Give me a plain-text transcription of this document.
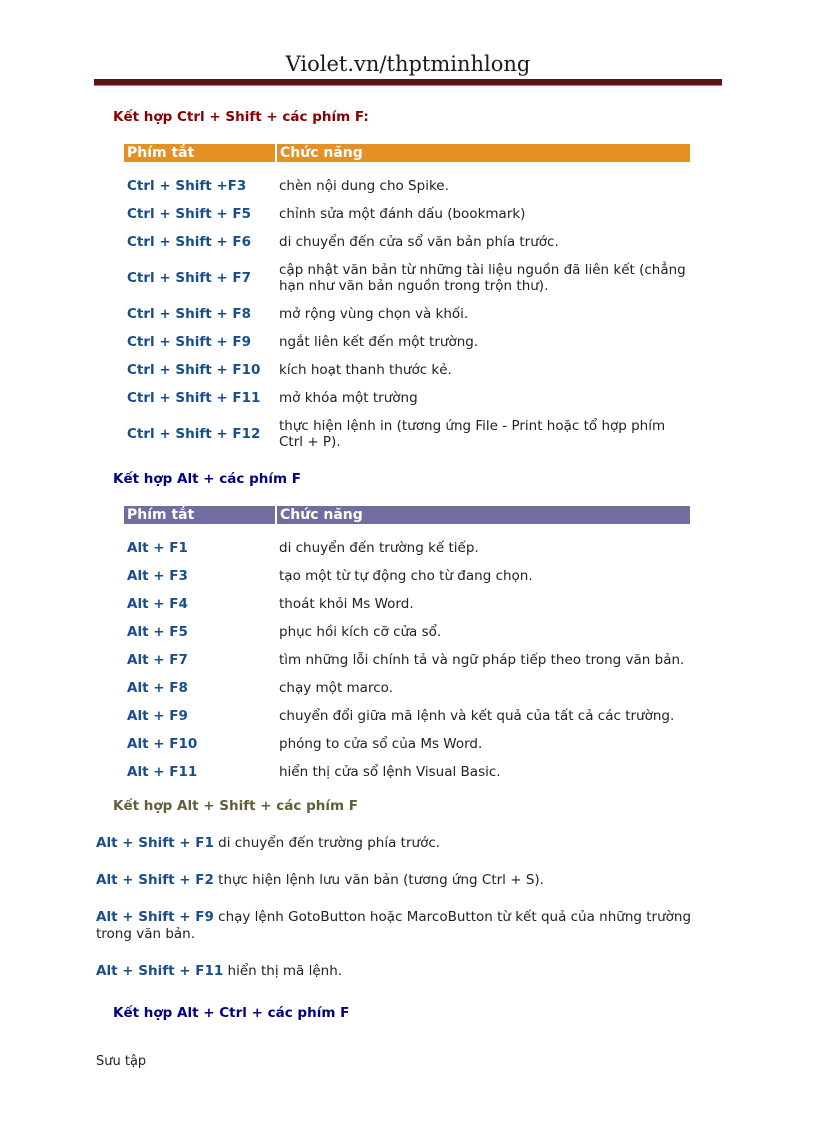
Violet.vn/thptminhlong
Kết hợp Ctrl + Shift + các phím F:
Phím tắt	Chức năng

Ctrl + Shift +F3	chèn nội dung cho Spike.
Ctrl + Shift + F5	chỉnh sửa một đánh dấu (bookmark)
Ctrl + Shift + F6	di chuyển đến cửa sổ văn bản phía trước.
Ctrl + Shift + F7	cập nhật văn bản từ những tài liệu nguồn đã liên kết (chẳng hạn như văn bản nguồn trong trộn thư).
Ctrl + Shift + F8	mở rộng vùng chọn và khối.
Ctrl + Shift + F9	ngắt liên kết đến một trường.
Ctrl + Shift + F10	kích hoạt thanh thước kẻ.
Ctrl + Shift + F11	mở khóa một trường
Ctrl + Shift + F12	thực hiện lệnh in (tương ứng File - Print hoặc tổ hợp phím Ctrl + P).
Kết hợp Alt + các phím F
Phím tắt	Chức năng

Alt + F1	di chuyển đến trường kế tiếp.
Alt + F3	tạo một từ tự động cho từ đang chọn.
Alt + F4	thoát khỏi Ms Word.
Alt + F5	phục hồi kích cỡ cửa sổ.
Alt + F7	tìm những lỗi chính tả và ngữ pháp tiếp theo trong văn bản.
Alt + F8	chạy một marco.
Alt + F9	chuyển đổi giữa mã lệnh và kết quả của tất cả các trường.
Alt + F10	phóng to cửa sổ của Ms Word.
Alt + F11	hiển thị cửa sổ lệnh Visual Basic.
Kết hợp Alt + Shift + các phím F
Alt + Shift + F1 di chuyển đến trường phía trước.
Alt + Shift + F2 thực hiện lệnh lưu văn bản (tương ứng Ctrl + S).
Alt + Shift + F9 chạy lệnh GotoButton hoặc MarcoButton từ kết quả của những trường trong văn bản.
Alt + Shift + F11 hiển thị mã lệnh.
Kết hợp Alt + Ctrl + các phím F
Sưu tập
